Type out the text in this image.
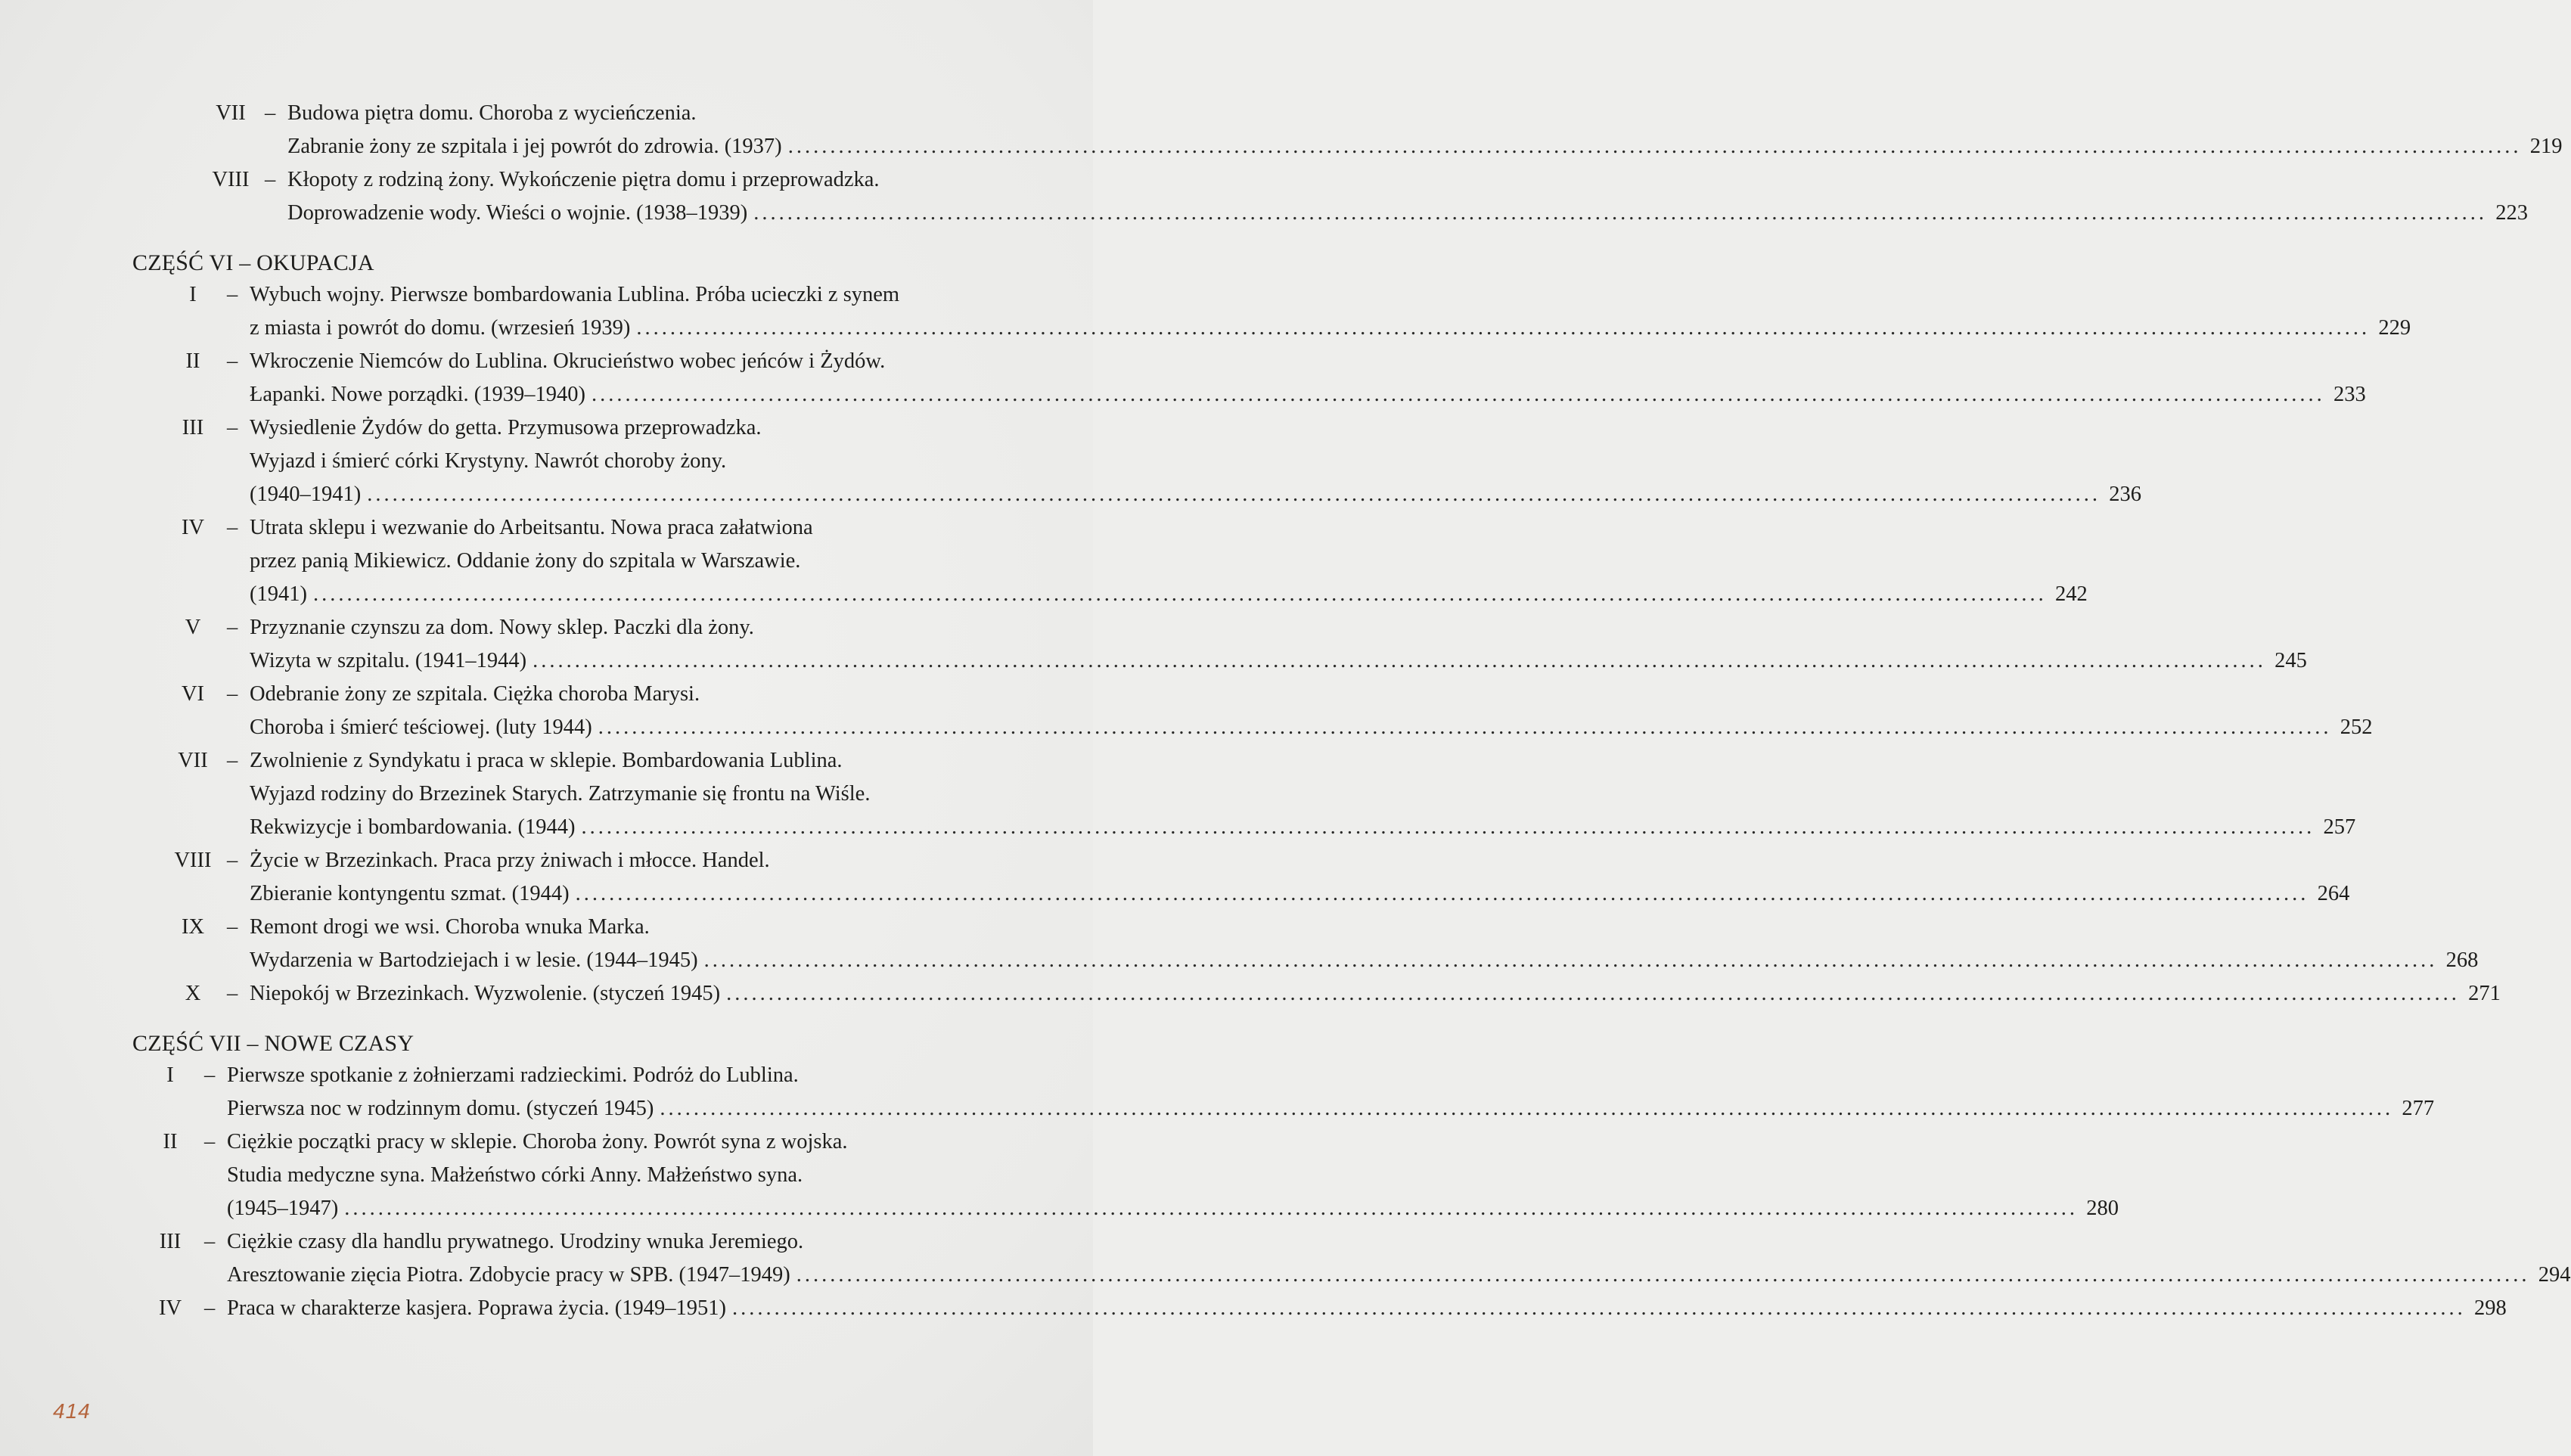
VII – Budowa piętra domu. Choroba z wycieńczenia.
Zabranie żony ze szpitala i jej powrót do zdrowia. (1937) .....	219
VIII – Kłopoty z rodziną żony. Wykończenie piętra domu i przeprowadzka.
Doprowadzenie wody. Wieści o wojnie. (1938–1939) .....	223
CZĘŚĆ VI – OKUPACJA
I	– Wybuch wojny. Pierwsze bombardowania Lublina. Próba ucieczki z synem
z miasta i powrót do domu. (wrzesień 1939) .....	229
II	– Wkroczenie Niemców do Lublina. Okrucieństwo wobec jeńców i Żydów.
Łapanki. Nowe porządki. (1939–1940) .....	233
III	– Wysiedlenie Żydów do getta. Przymusowa przeprowadzka.
Wyjazd i śmierć córki Krystyny. Nawrót choroby żony.
(1940–1941) .....	236
IV	– Utrata sklepu i wezwanie do Arbeitsantu. Nowa praca załatwiona
przez panią Mikiewicz. Oddanie żony do szpitala w Warszawie.
(1941) .....	242
V	– Przyznanie czynszu za dom. Nowy sklep. Paczki dla żony.
Wizyta w szpitalu. (1941–1944) .....	245
VI	– Odebranie żony ze szpitala. Ciężka choroba Marysi.
Choroba i śmierć teściowej. (luty 1944) .....	252
VII – Zwolnienie z Syndykatu i praca w sklepie. Bombardowania Lublina.
Wyjazd rodziny do Brzezinek Starych. Zatrzymanie się frontu na Wiśle.
Rekwizycje i bombardowania. (1944) .....	257
VIII – Życie w Brzezinkach. Praca przy żniwach i młocce. Handel.
Zbieranie kontyngentu szmat. (1944) .....	264
IX	– Remont drogi we wsi. Choroba wnuka Marka.
Wydarzenia w Bartodziejach i w lesie. (1944–1945) .....	268
X	– Niepokój w Brzezinkach. Wyzwolenie. (styczeń 1945) .....	271
CZĘŚĆ VII – NOWE CZASY
I	– Pierwsze spotkanie z żołnierzami radzieckimi. Podróż do Lublina.
Pierwsza noc w rodzinnym domu. (styczeń 1945) .....	277
II	– Ciężkie początki pracy w sklepie. Choroba żony. Powrót syna z wojska.
Studia medyczne syna. Małżeństwo córki Anny. Małżeństwo syna.
(1945–1947) .....	280
III	– Ciężkie czasy dla handlu prywatnego. Urodziny wnuka Jeremiego.
Aresztowanie zięcia Piotra. Zdobycie pracy w SPB. (1947–1949) .....	294
IV	– Praca w charakterze kasjera. Poprawa życia. (1949–1951) .....	298
414
